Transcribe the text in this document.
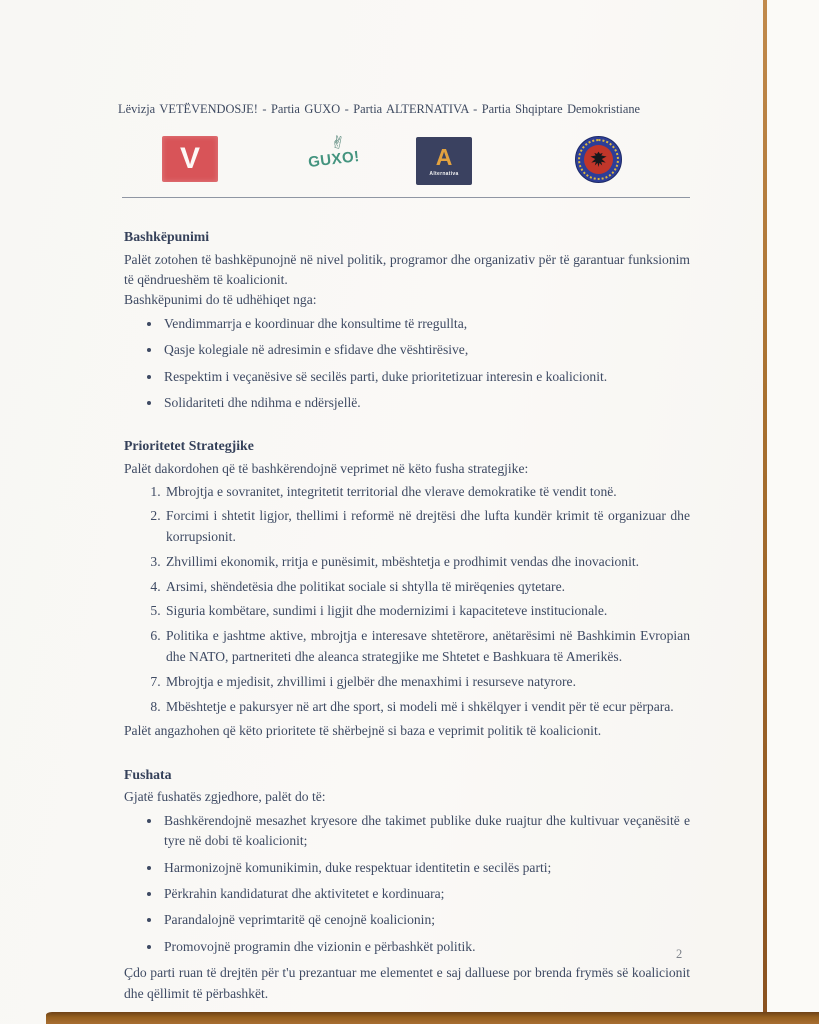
Lëvizja VETËVENDOSJE! - Partia GUXO - Partia ALTERNATIVA - Partia Shqiptare Demokristiane
V	✌
GUXO!	A
Alternativa
Bashkëpunimi

Palët zotohen të bashkëpunojnë në nivel politik, programor dhe organizativ për të garantuar funksionim të qëndrueshëm të koalicionit.

Bashkëpunimi do të udhëhiqet nga:

• Vendimmarrja e koordinuar dhe konsultime të rregullta,
• Qasje kolegiale në adresimin e sfidave dhe vështirësive,
• Respektim i veçanësive së secilës parti, duke prioritetizuar interesin e koalicionit.
• Solidariteti dhe ndihma e ndërsjellë.
Prioritetet Strategjike

Palët dakordohen që të bashkërendojnë veprimet në këto fusha strategjike:

1. Mbrojtja e sovranitet, integritetit territorial dhe vlerave demokratike të vendit tonë.
2. Forcimi i shtetit ligjor, thellimi i reformë në drejtësi dhe lufta kundër krimit të organizuar dhe korrupsionit.
3. Zhvillimi ekonomik, rritja e punësimit, mbështetja e prodhimit vendas dhe inovacionit.
4. Arsimi, shëndetësia dhe politikat sociale si shtylla të mirëqenies qytetare.
5. Siguria kombëtare, sundimi i ligjit dhe modernizimi i kapaciteteve institucionale.
6. Politika e jashtme aktive, mbrojtja e interesave shtetërore, anëtarësimi në Bashkimin Evropian dhe NATO, partneriteti dhe aleanca strategjike me Shtetet e Bashkuara të Amerikës.
7. Mbrojtja e mjedisit, zhvillimi i gjelbër dhe menaxhimi i resurseve natyrore.
8. Mbështetje e pakursyer në art dhe sport, si modeli më i shkëlqyer i vendit për të ecur përpara.

Palët angazhohen që këto prioritete të shërbejnë si baza e veprimit politik të koalicionit.

Fushata

Gjatë fushatës zgjedhore, palët do të:

• Bashkërendojnë mesazhet kryesore dhe takimet publike duke ruajtur dhe kultivuar veçanësitë e tyre në dobi të koalicionit;
• Harmonizojnë komunikimin, duke respektuar identitetin e secilës parti;
• Përkrahin kandidaturat dhe aktivitetet e kordinuara;
• Parandalojnë veprimtaritë që cenojnë koalicionin;
• Promovojnë programin dhe vizionin e përbashkët politik.

Çdo parti ruan të drejtën për t'u prezantuar me elementet e saj dalluese por brenda frymës së koalicionit dhe qëllimit të përbashkët.

2
